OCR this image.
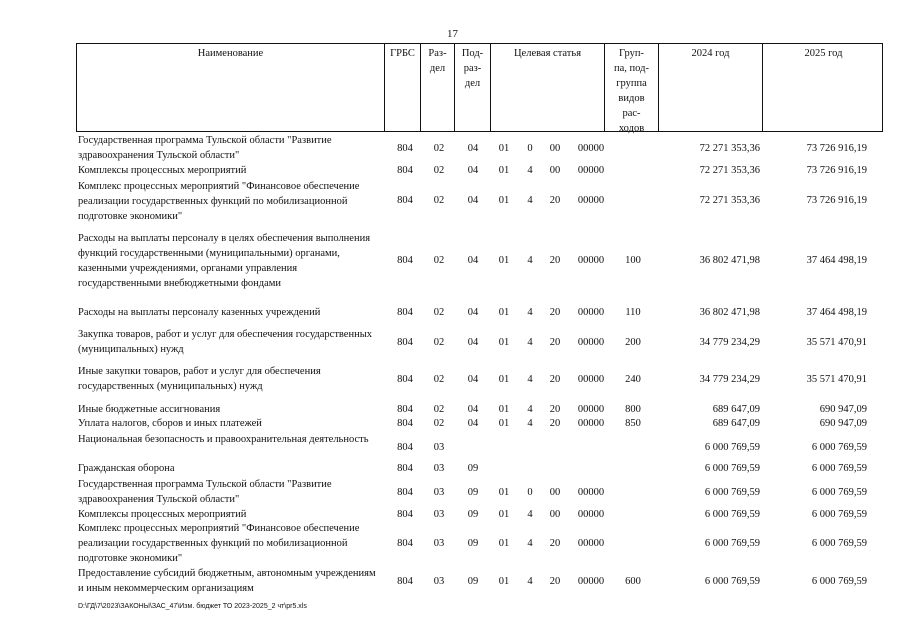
17
Наименование	ГРБС	Раз-
дел
Под-
раз-
дел
Целевая статья	Груп-
па, под-
группа
видов
рас-
ходов
2024 год	2025 год
Государственная программа Тульской области "Развитие здравоохранения Тульской области"
804	02	04	01	0	00	00000	72 271 353,36	73 726 916,19
Комплексы процессных мероприятий	804	02	04	01	4	00	00000	72 271 353,36	73 726 916,19
Комплекс процессных мероприятий "Финансовое обеспечение реализации государственных функций по мобилизационной подготовке экономики"
804	02	04	01	4	20	00000	72 271 353,36	73 726 916,19
Расходы на выплаты персоналу в целях обеспечения выполнения функций государственными (муниципальными) органами, казенными учреждениями, органами управления государственными внебюджетными фондами
804	02	04	01	4	20	00000	100	36 802 471,98	37 464 498,19
Расходы на выплаты персоналу казенных учреждений	804	02	04	01	4	20	00000	110	36 802 471,98	37 464 498,19
Закупка товаров, работ и услуг для обеспечения государственных (муниципальных) нужд
804	02	04	01	4	20	00000	200	34 779 234,29	35 571 470,91
Иные закупки товаров, работ и услуг для обеспечения государственных (муниципальных) нужд
804	02	04	01	4	20	00000	240	34 779 234,29	35 571 470,91
Иные бюджетные ассигнования	804	02	04	01	4	20	00000	800	689 647,09	690 947,09
Уплата налогов, сборов и иных платежей	804	02	04	01	4	20	00000	850	689 647,09	690 947,09
Национальная безопасность и правоохранительная деятельность
804	03	6 000 769,59	6 000 769,59
Гражданская оборона	804	03	09	6 000 769,59	6 000 769,59
Государственная программа Тульской области "Развитие здравоохранения Тульской области"
804	03	09	01	0	00	00000	6 000 769,59	6 000 769,59
Комплексы процессных мероприятий	804	03	09	01	4	00	00000	6 000 769,59	6 000 769,59
Комплекс процессных мероприятий "Финансовое обеспечение реализации государственных функций по мобилизационной подготовке экономики"
804	03	09	01	4	20	00000	6 000 769,59	6 000 769,59
Предоставление субсидий бюджетным, автономным учреждениям и иным некоммерческим организациям
804	03	09	01	4	20	00000	600	6 000 769,59	6 000 769,59
D:\ГД\7\2023\ЗАКОНЫ\ЗАС_47\Изм. бюджет ТО 2023-2025_2 чт\pr5.xls
